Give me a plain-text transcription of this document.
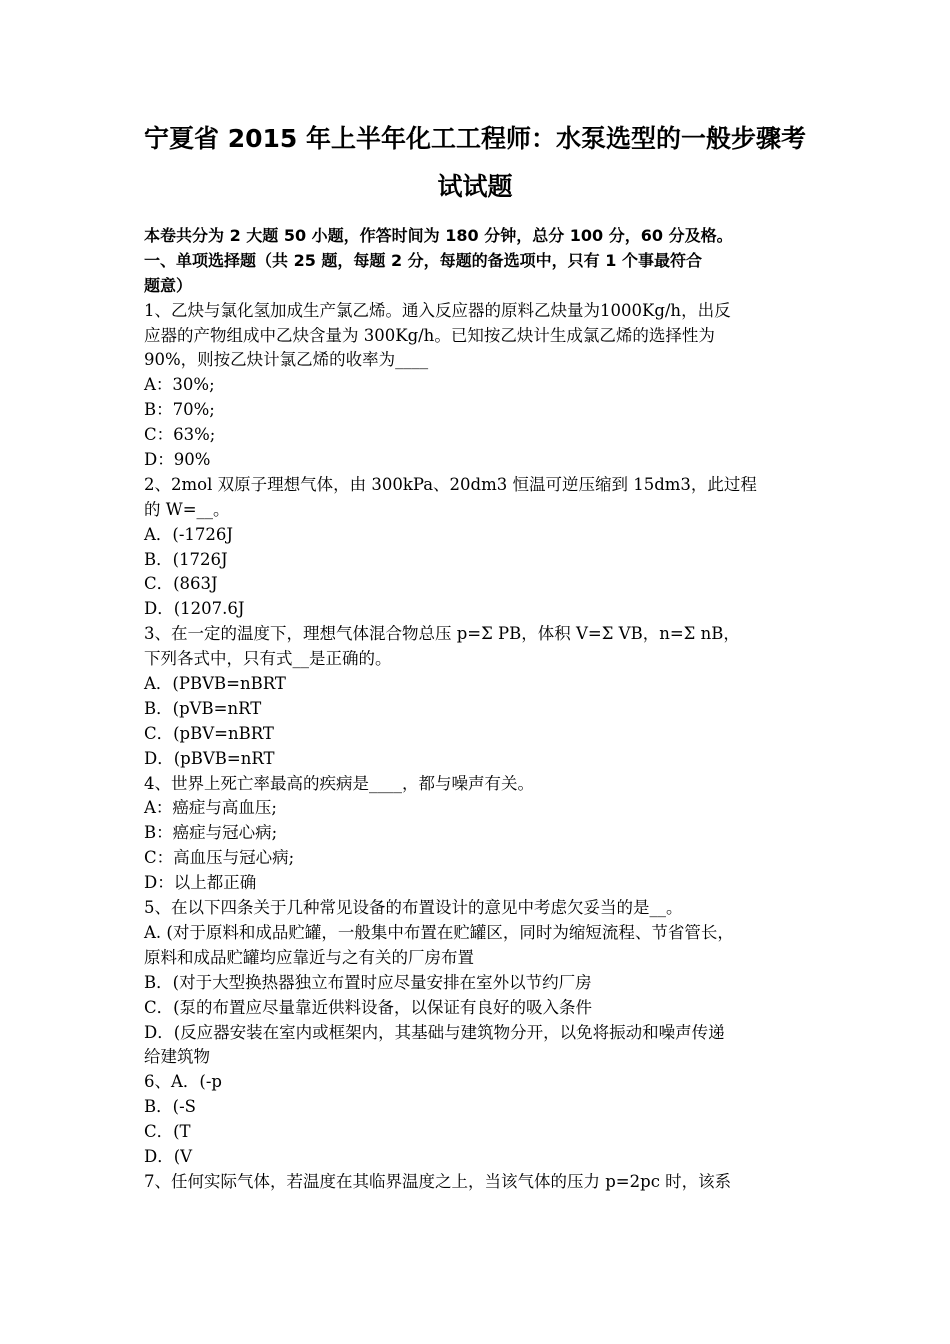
宁夏省 2015 年上半年化工工程师：水泵选型的一般步骤考
试试题
本卷共分为 2 大题 50 小题，作答时间为 180 分钟，总分 100 分，60 分及格。
一、单项选择题（共 25 题，每题 2 分，每题的备选项中，只有 1 个事最符合
题意）
1、乙炔与氯化氢加成生产氯乙烯。通入反应器的原料乙炔量为1000Kg/h，出反
应器的产物组成中乙炔含量为 300Kg/h。已知按乙炔计生成氯乙烯的选择性为
90%，则按乙炔计氯乙烯的收率为____
A：30%;
B：70%;
C：63%;
D：90%
2、2mol 双原子理想气体，由 300kPa、20dm3 恒温可逆压缩到 15dm3，此过程
的 W=__。
A．(-1726J
B．(1726J
C．(863J
D．(1207.6J
3、在一定的温度下，理想气体混合物总压 p=Σ PB，体积 V=Σ VB，n=Σ nB，
下列各式中，只有式__是正确的。
A．(PBVB=nBRT
B．(pVB=nRT
C．(pBV=nBRT
D．(pBVB=nRT
4、世界上死亡率最高的疾病是____，都与噪声有关。
A：癌症与高血压;
B：癌症与冠心病;
C：高血压与冠心病;
D：以上都正确
5、在以下四条关于几种常见设备的布置设计的意见中考虑欠妥当的是__。
A. (对于原料和成品贮罐，一般集中布置在贮罐区，同时为缩短流程、节省管长，
原料和成品贮罐均应靠近与之有关的厂房布置
B．(对于大型换热器独立布置时应尽量安排在室外以节约厂房
C．(泵的布置应尽量靠近供料设备，以保证有良好的吸入条件
D．(反应器安装在室内或框架内，其基础与建筑物分开，以免将振动和噪声传递
给建筑物
6、A．(-p
B．(-S
C．(T
D．(V
7、任何实际气体，若温度在其临界温度之上，当该气体的压力 p=2pc 时，该系
